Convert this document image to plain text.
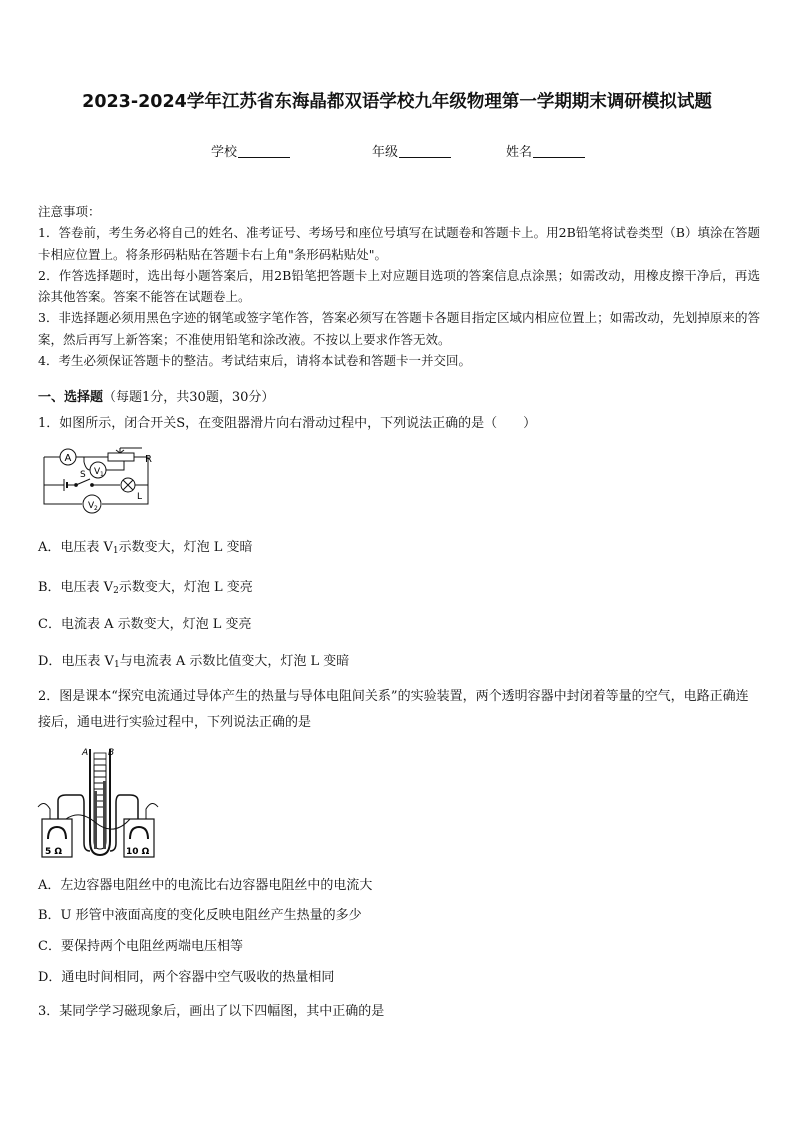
2023-2024学年江苏省东海晶都双语学校九年级物理第一学期期末调研模拟试题
学校	年级	姓名
注意事项：
1．答卷前，考生务必将自己的姓名、准考证号、考场号和座位号填写在试题卷和答题卡上。用2B铅笔将试卷类型（B）填涂在答题卡相应位置上。将条形码粘贴在答题卡右上角"条形码粘贴处"。
2．作答选择题时，选出每小题答案后，用2B铅笔把答题卡上对应题目选项的答案信息点涂黑；如需改动，用橡皮擦干净后，再选涂其他答案。答案不能答在试题卷上。
3．非选择题必须用黑色字迹的钢笔或签字笔作答，答案必须写在答题卡各题目指定区域内相应位置上；如需改动，先划掉原来的答案，然后再写上新答案；不准使用铅笔和涂改液。不按以上要求作答无效。
4．考生必须保证答题卡的整洁。考试结束后，请将本试卷和答题卡一并交回。
一、选择题（每题1分，共30题，30分）
1．如图所示，闭合开关S，在变阻器滑片向右滑动过程中，下列说法正确的是（　　）
A
V 1
V 2
R
S
L
A．电压表 V1示数变大，灯泡 L 变暗
B．电压表 V2示数变大，灯泡 L 变亮
C．电流表 A 示数变大，灯泡 L 变亮
D．电压表 V1与电流表 A 示数比值变大，灯泡 L 变暗
2．图是课本“探究电流通过导体产生的热量与导体电阻间关系”的实验装置，两个透明容器中封闭着等量的空气，电路正确连接后，通电进行实验过程中，下列说法正确的是
A B
5 Ω	10 Ω
A．左边容器电阻丝中的电流比右边容器电阻丝中的电流大
B．U 形管中液面高度的变化反映电阻丝产生热量的多少
C．要保持两个电阻丝两端电压相等
D．通电时间相同，两个容器中空气吸收的热量相同
3．某同学学习磁现象后，画出了以下四幅图，其中正确的是
